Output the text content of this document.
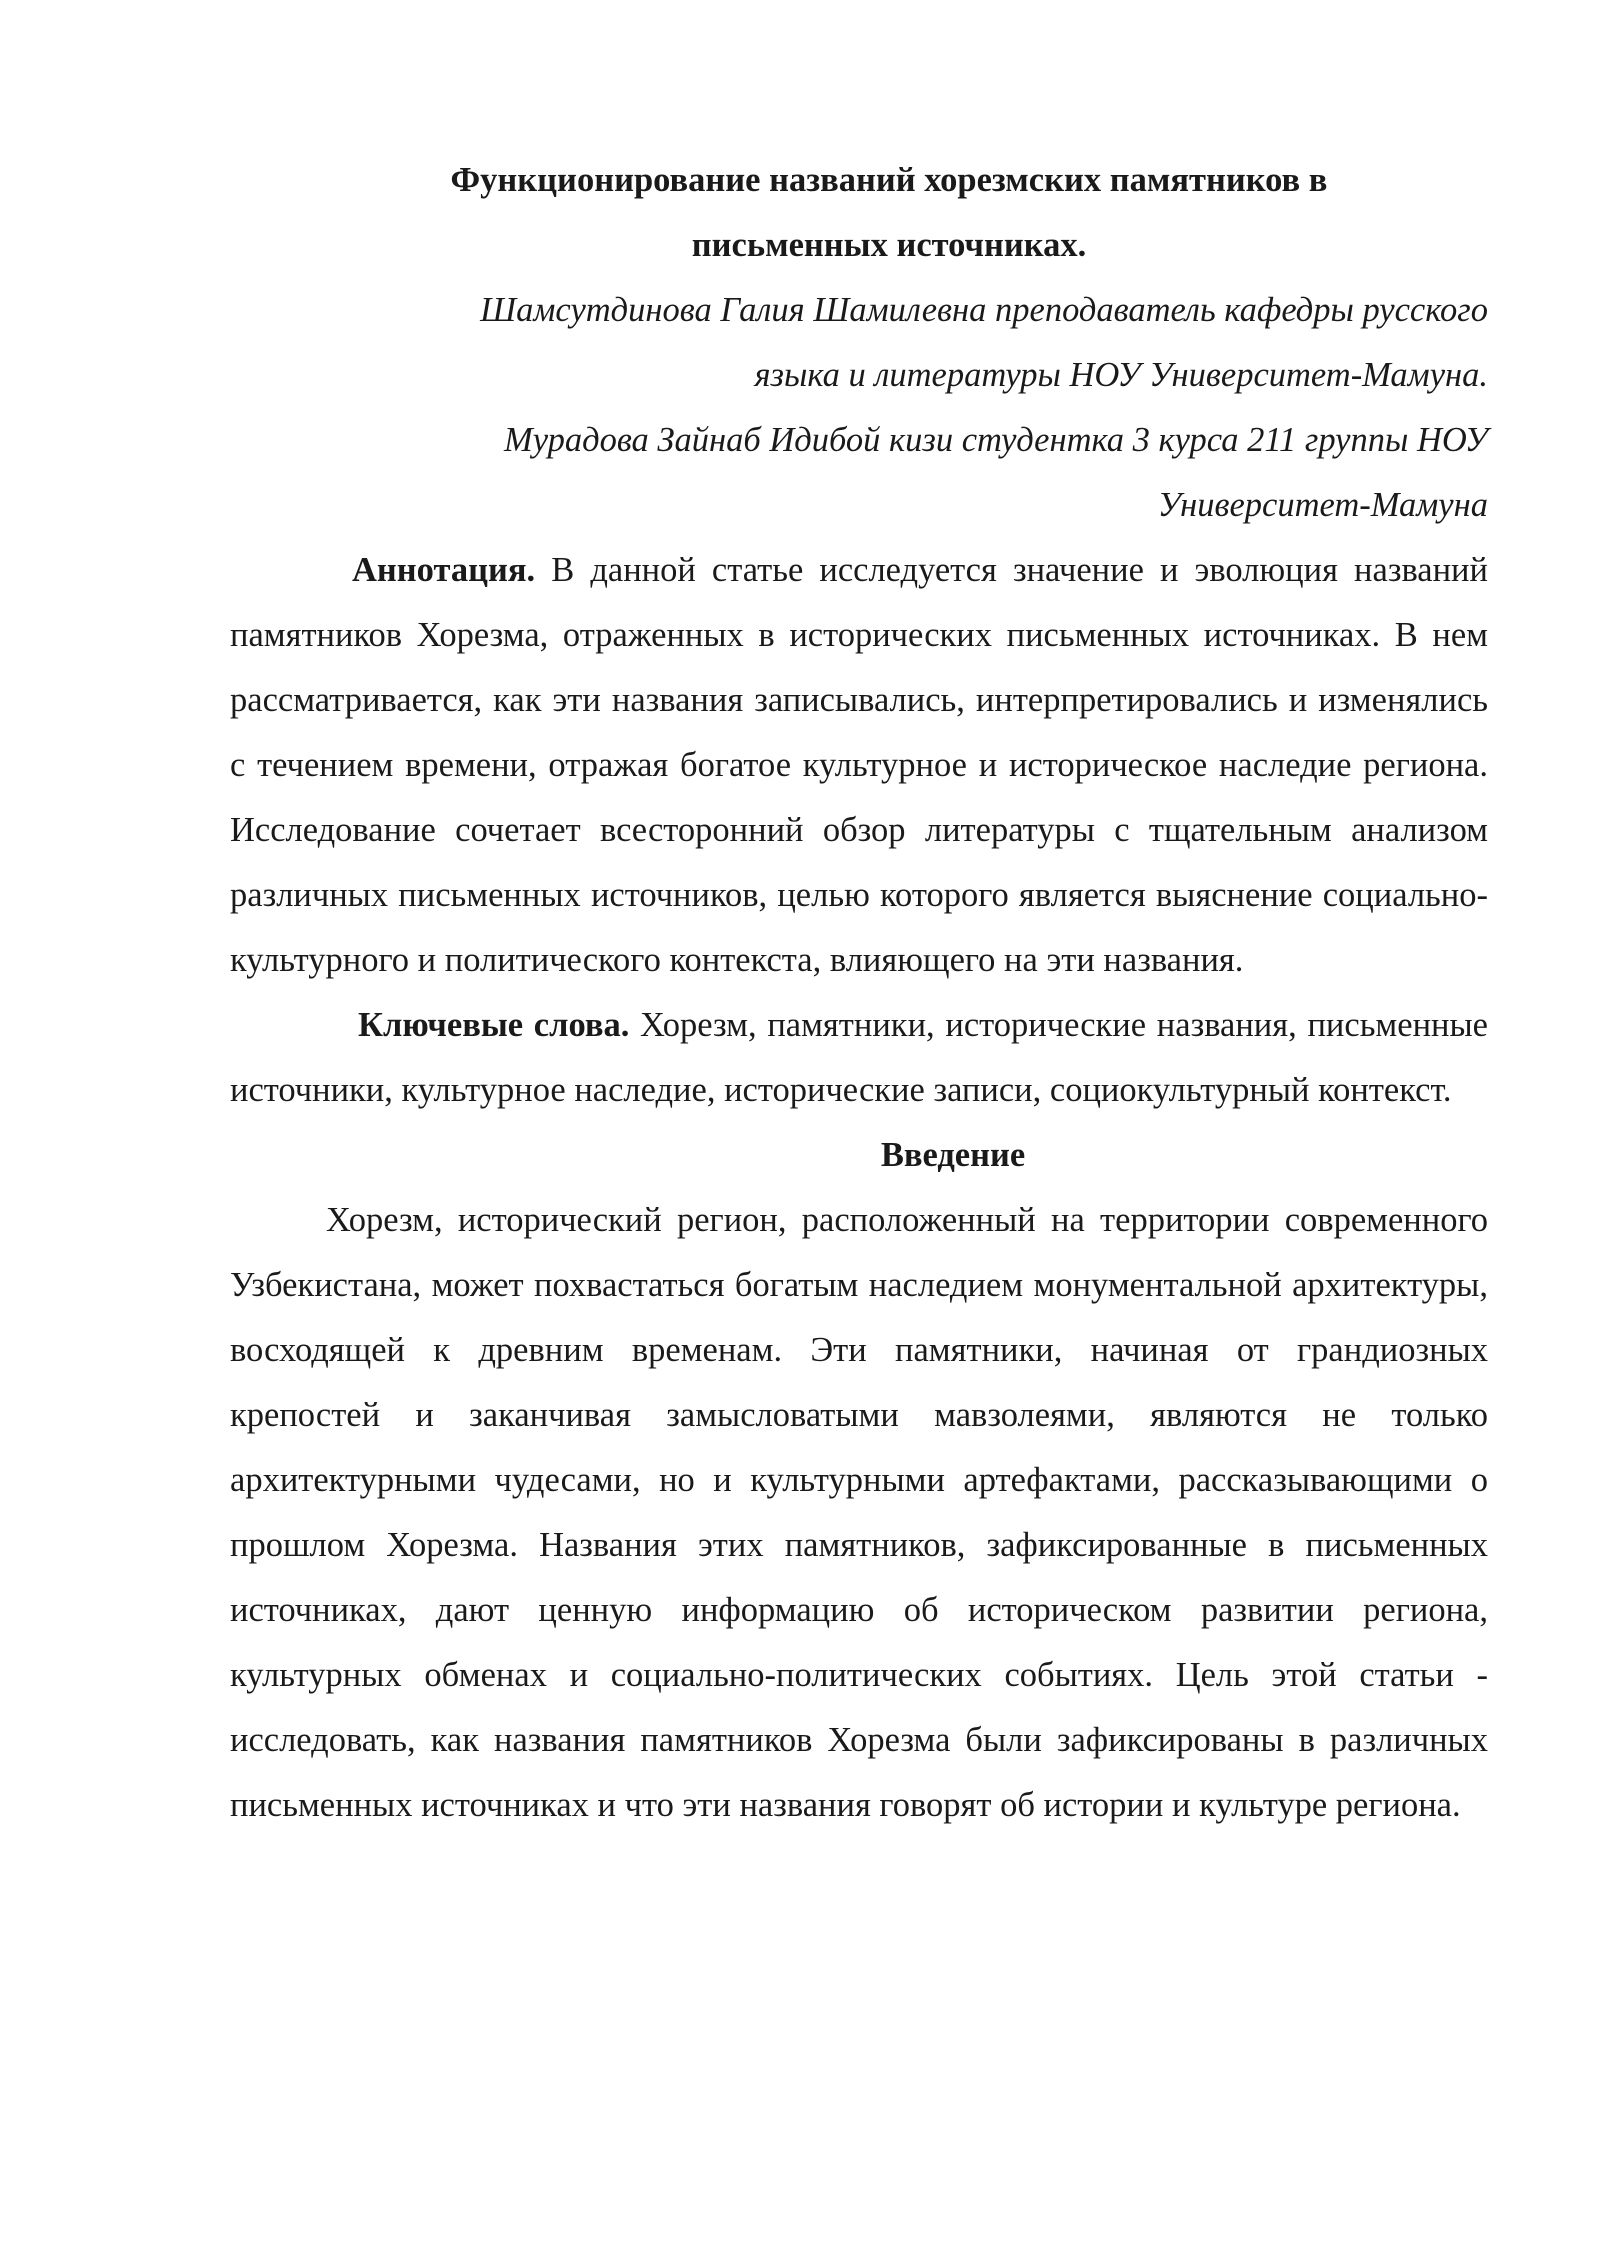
Функционирование названий хорезмских памятников в
письменных источниках.

Шамсутдинова Галия Шамилевна преподаватель кафедры русского
языка и литературы НОУ Университет-Мамуна.

Мурадова Зайнаб Идибой кизи студентка 3 курса 211 группы НОУ
Университет-Мамуна

Аннотация. В данной статье исследуется значение и эволюция названий памятников Хорезма, отраженных в исторических письменных источниках. В нем рассматривается, как эти названия записывались, интерпретировались и изменялись с течением времени, отражая богатое культурное и историческое наследие региона. Исследование сочетает всесторонний обзор литературы с тщательным анализом различных письменных источников, целью которого является выяснение социально-культурного и политического контекста, влияющего на эти названия.

Ключевые слова. Хорезм, памятники, исторические названия, письменные источники, культурное наследие, исторические записи, социокультурный контекст.

Введение

Хорезм, исторический регион, расположенный на территории современного Узбекистана, может похвастаться богатым наследием монументальной архитектуры, восходящей к древним временам. Эти памятники, начиная от грандиозных крепостей и заканчивая замысловатыми мавзолеями, являются не только архитектурными чудесами, но и культурными артефактами, рассказывающими о прошлом Хорезма. Названия этих памятников, зафиксированные в письменных источниках, дают ценную информацию об историческом развитии региона, культурных обменах и социально-политических событиях. Цель этой статьи - исследовать, как названия памятников Хорезма были зафиксированы в различных письменных источниках и что эти названия говорят об истории и культуре региона.
